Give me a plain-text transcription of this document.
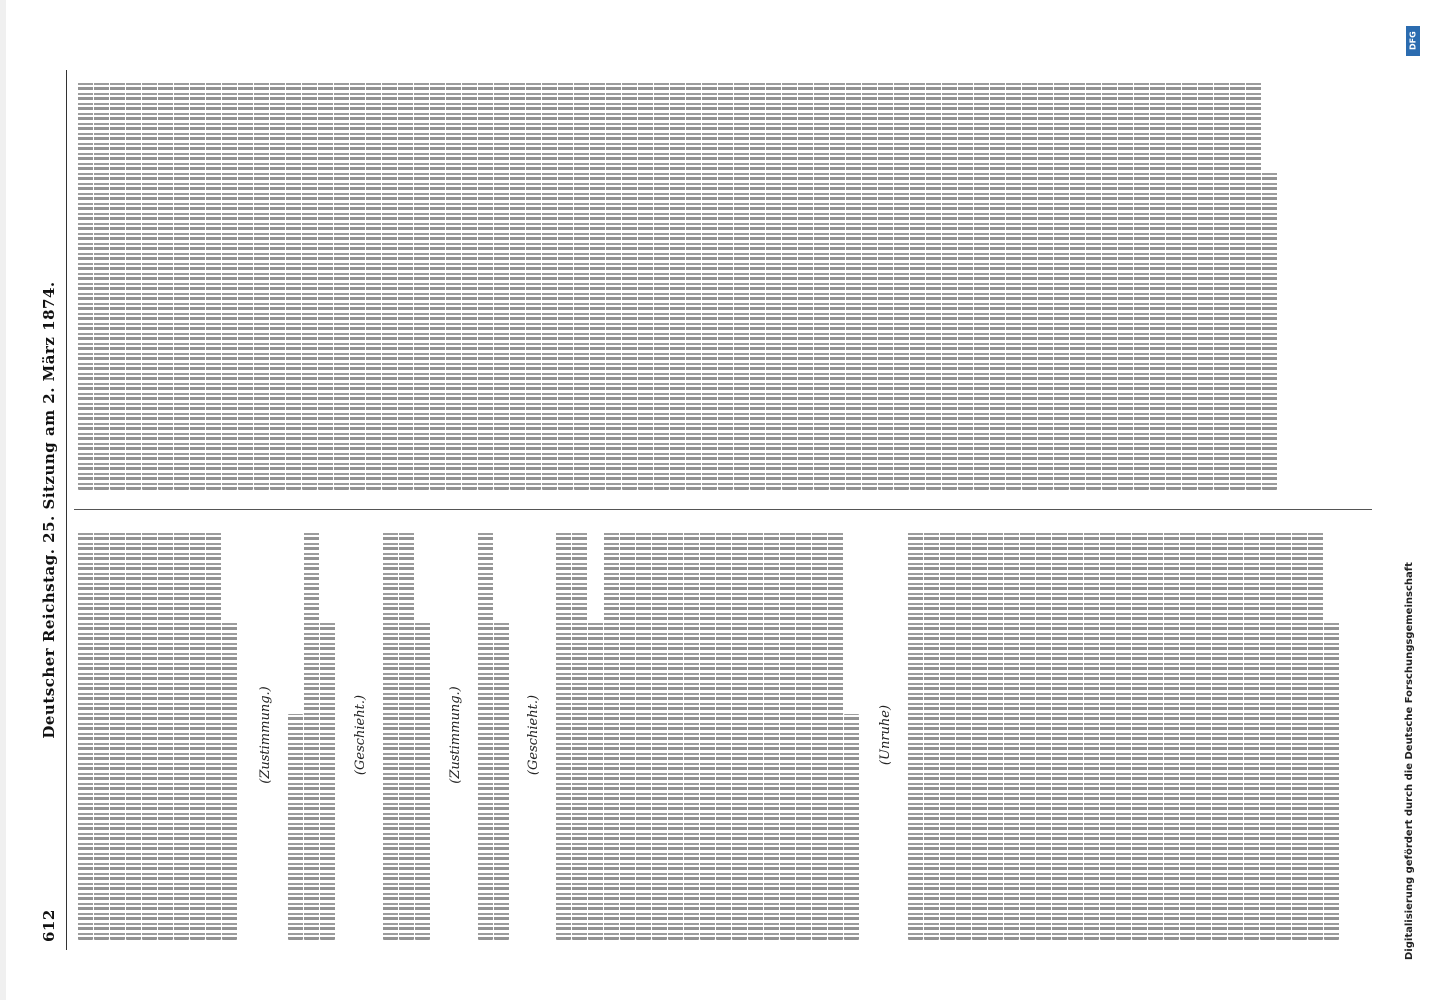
612
Deutscher Reichstag. 25. Sitzung am 2. März 1874.	(Zustimmung.)	(Geschieht.)	(Zustimmung.)	(Geschieht.)	(Unruhe)
DFG
Digitalisierung gefördert durch die Deutsche Forschungsgemeinschaft
